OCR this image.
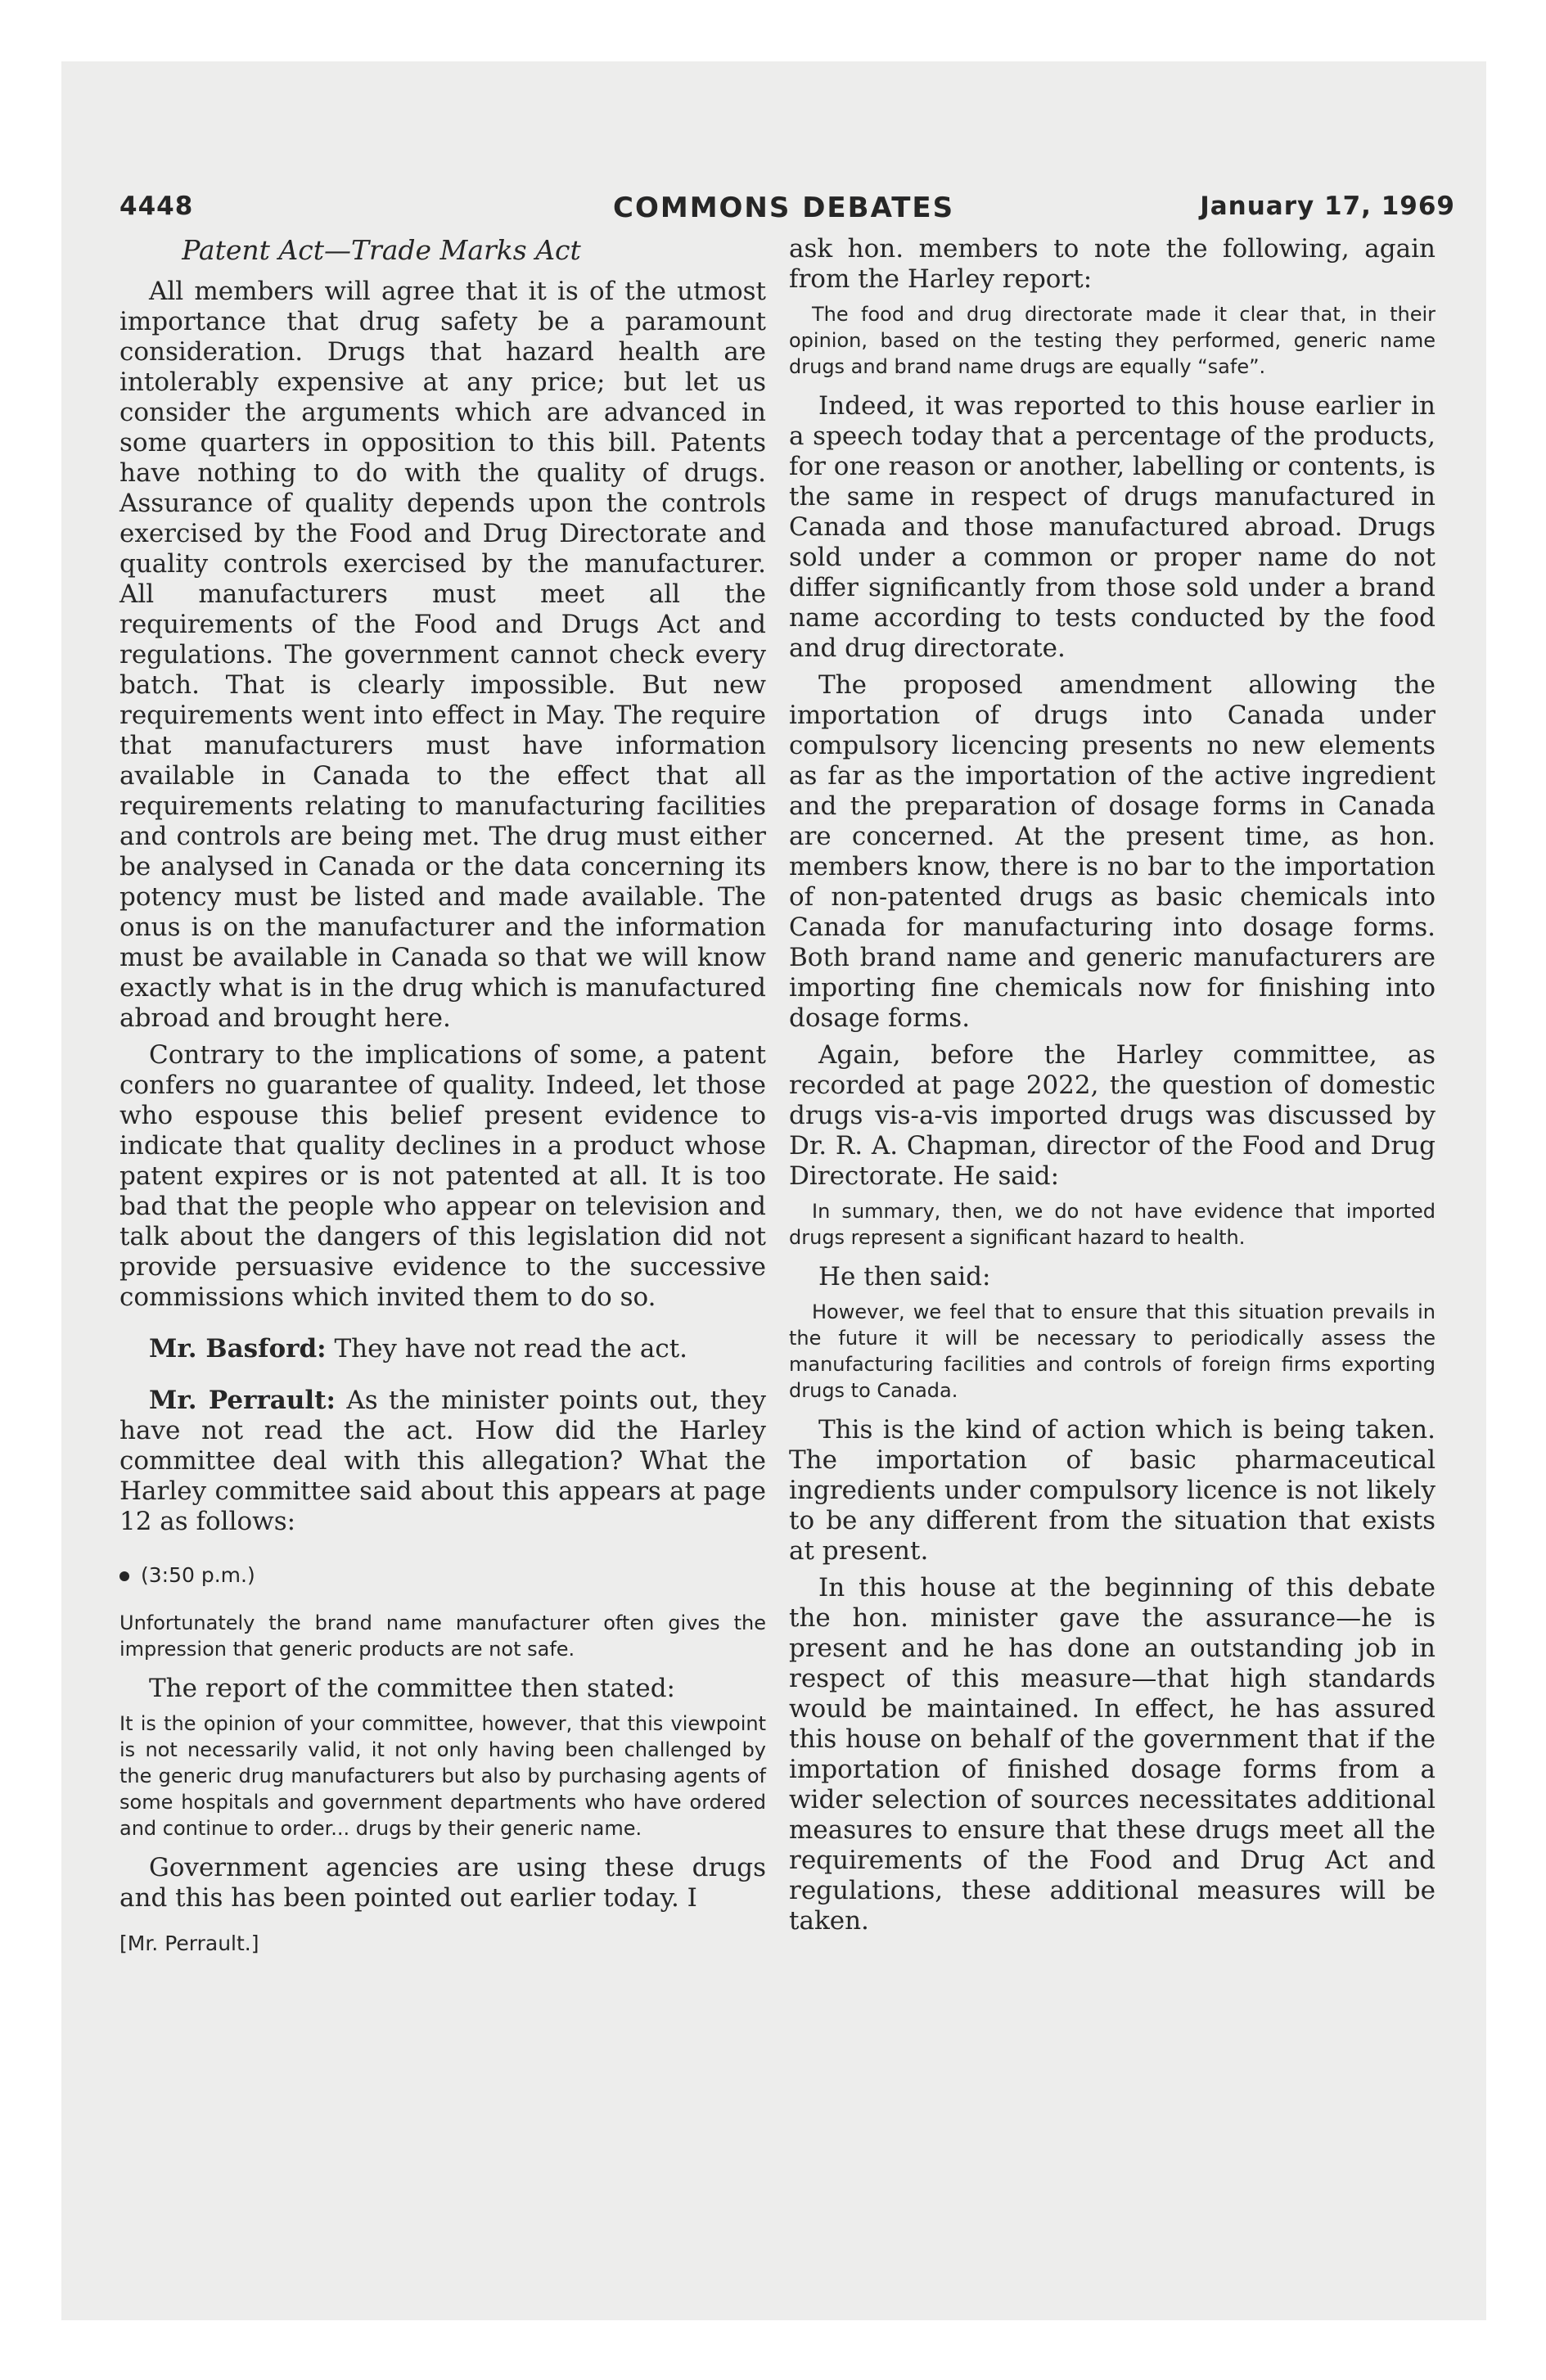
4448	COMMONS DEBATES	January 17, 1969
Patent Act—Trade Marks Act

All members will agree that it is of the utmost importance that drug safety be a paramount consideration. Drugs that hazard health are intolerably expensive at any price; but let us consider the arguments which are advanced in some quarters in opposition to this bill. Patents have nothing to do with the quality of drugs. Assurance of quality depends upon the controls exercised by the Food and Drug Directorate and quality controls exercised by the manufacturer. All manufacturers must meet all the requirements of the Food and Drugs Act and regulations. The government cannot check every batch. That is clearly impossible. But new requirements went into effect in May. The require that manufacturers must have information available in Canada to the effect that all requirements relating to manufacturing facilities and controls are being met. The drug must either be analysed in Canada or the data concerning its potency must be listed and made available. The onus is on the manufacturer and the information must be available in Canada so that we will know exactly what is in the drug which is manufactured abroad and brought here.

Contrary to the implications of some, a patent confers no guarantee of quality. Indeed, let those who espouse this belief present evidence to indicate that quality declines in a product whose patent expires or is not patented at all. It is too bad that the people who appear on television and talk about the dangers of this legislation did not provide persuasive evidence to the successive commissions which invited them to do so.

Mr. Basford: They have not read the act.

Mr. Perrault: As the minister points out, they have not read the act. How did the Harley committee deal with this allegation? What the Harley committee said about this appears at page 12 as follows:

(3:50 p.m.)
Unfortunately the brand name manufacturer often gives the impression that generic products are not safe.

The report of the committee then stated:

It is the opinion of your committee, however, that this viewpoint is not necessarily valid, it not only having been challenged by the generic drug manufacturers but also by purchasing agents of some hospitals and government departments who have ordered and continue to order... drugs by their generic name.

Government agencies are using these drugs and this has been pointed out earlier today. I

[Mr. Perrault.]

ask hon. members to note the following, again from the Harley report:

The food and drug directorate made it clear that, in their opinion, based on the testing they performed, generic name drugs and brand name drugs are equally “safe”.

Indeed, it was reported to this house earlier in a speech today that a percentage of the products, for one reason or another, labelling or contents, is the same in respect of drugs manufactured in Canada and those manufactured abroad. Drugs sold under a common or proper name do not differ significantly from those sold under a brand name according to tests conducted by the food and drug directorate.

The proposed amendment allowing the importation of drugs into Canada under compulsory licencing presents no new elements as far as the importation of the active ingredient and the preparation of dosage forms in Canada are concerned. At the present time, as hon. members know, there is no bar to the importation of non-patented drugs as basic chemicals into Canada for manufacturing into dosage forms. Both brand name and generic manufacturers are importing fine chemicals now for finishing into dosage forms.

Again, before the Harley committee, as recorded at page 2022, the question of domestic drugs vis-a-vis imported drugs was discussed by Dr. R. A. Chapman, director of the Food and Drug Directorate. He said:

In summary, then, we do not have evidence that imported drugs represent a significant hazard to health.

He then said:

However, we feel that to ensure that this situation prevails in the future it will be necessary to periodically assess the manufacturing facilities and controls of foreign firms exporting drugs to Canada.

This is the kind of action which is being taken. The importation of basic pharmaceutical ingredients under compulsory licence is not likely to be any different from the situation that exists at present.

In this house at the beginning of this debate the hon. minister gave the assurance—he is present and he has done an outstanding job in respect of this measure—that high standards would be maintained. In effect, he has assured this house on behalf of the government that if the importation of finished dosage forms from a wider selection of sources necessitates additional measures to ensure that these drugs meet all the requirements of the Food and Drug Act and regulations, these additional measures will be taken.
